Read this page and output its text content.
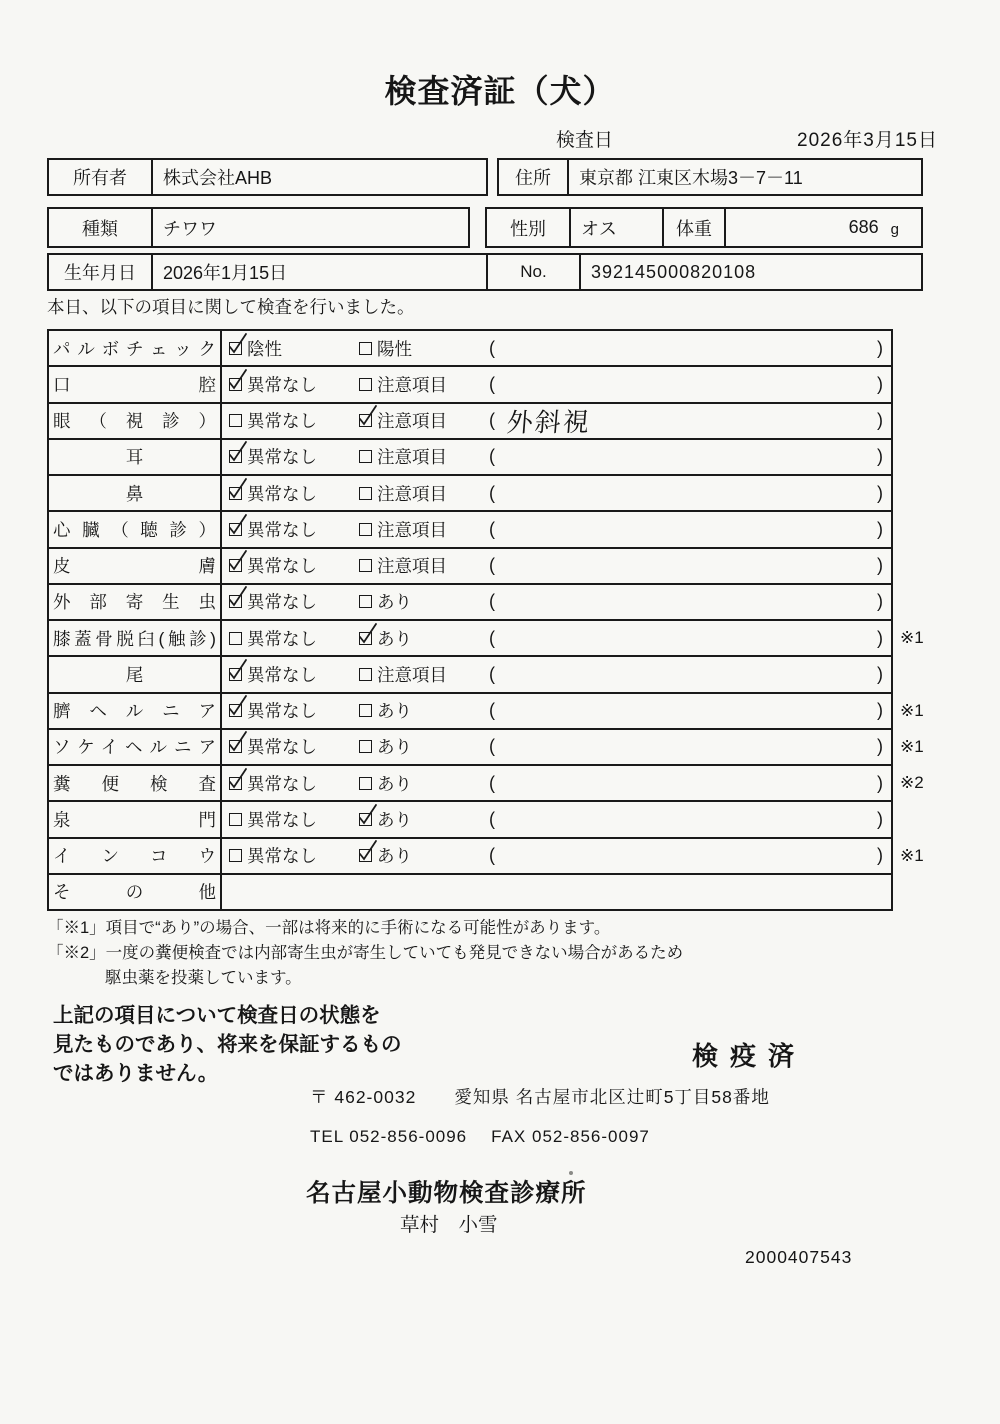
検査済証（犬）
検査日	2026年3月15日
所有者	株式会社AHB	住所	東京都 江東区木場3－7－11
種類	チワワ	性別	オス	体重	686 g
生年月日	2026年1月15日	No.	392145000820108
本日、以下の項目に関して検査を行いました。
パルボチェック 陰性	陽性	(	)
口腔 異常なし	注意項目 (	)
眼（視診） 異常なし	注意項目 ( 外斜視	)
耳	異常なし	注意項目 (	)
鼻	異常なし	注意項目 (	)
心臓（聴診） 異常なし	注意項目 (	)
皮膚 異常なし	注意項目 (	)
外部寄生虫 異常なし	あり	(	)
膝蓋骨脱臼(触診) 異常なし	あり	(	) ※1
尾	異常なし	注意項目 (	)
臍ヘルニア 異常なし	あり	(	) ※1
ソケイヘルニア 異常なし	あり	(	) ※1
糞便検査 異常なし	あり	(	) ※2
泉門 異常なし	あり	(	)
インコウ 異常なし	あり	(	) ※1
その他
「※1」項目で“あり”の場合、一部は将来的に手術になる可能性があります。
「※2」一度の糞便検査では内部寄生虫が寄生していても発見できない場合があるため
駆虫薬を投薬しています。
上記の項目について検査日の状態を
見たものであり、将来を保証するもの
ではありません。
検疫済
〒 462-0032 愛知県 名古屋市北区辻町5丁目58番地
TEL 052-856-0096 FAX 052-856-0097
名古屋小動物検査診療所
草村　小雪
2000407543
